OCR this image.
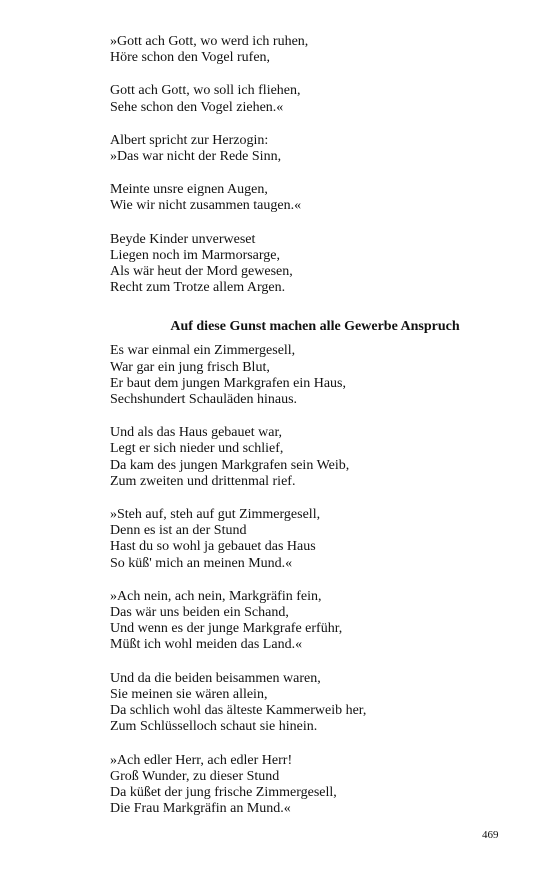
»Gott ach Gott, wo werd ich ruhen,
Höre schon den Vogel rufen,
Gott ach Gott, wo soll ich fliehen,
Sehe schon den Vogel ziehen.«
Albert spricht zur Herzogin:
»Das war nicht der Rede Sinn,
Meinte unsre eignen Augen,
Wie wir nicht zusammen taugen.«
Beyde Kinder unverweset
Liegen noch im Marmorsarge,
Als wär heut der Mord gewesen,
Recht zum Trotze allem Argen.
Auf diese Gunst machen alle Gewerbe Anspruch
Es war einmal ein Zimmergesell,
War gar ein jung frisch Blut,
Er baut dem jungen Markgrafen ein Haus,
Sechshundert Schauläden hinaus.
Und als das Haus gebauet war,
Legt er sich nieder und schlief,
Da kam des jungen Markgrafen sein Weib,
Zum zweiten und drittenmal rief.
»Steh auf, steh auf gut Zimmergesell,
Denn es ist an der Stund
Hast du so wohl ja gebauet das Haus
So küß' mich an meinen Mund.«
»Ach nein, ach nein, Markgräfin fein,
Das wär uns beiden ein Schand,
Und wenn es der junge Markgrafe erführ,
Müßt ich wohl meiden das Land.«
Und da die beiden beisammen waren,
Sie meinen sie wären allein,
Da schlich wohl das älteste Kammerweib her,
Zum Schlüsselloch schaut sie hinein.
»Ach edler Herr, ach edler Herr!
Groß Wunder, zu dieser Stund
Da küßet der jung frische Zimmergesell,
Die Frau Markgräfin an Mund.«
469
